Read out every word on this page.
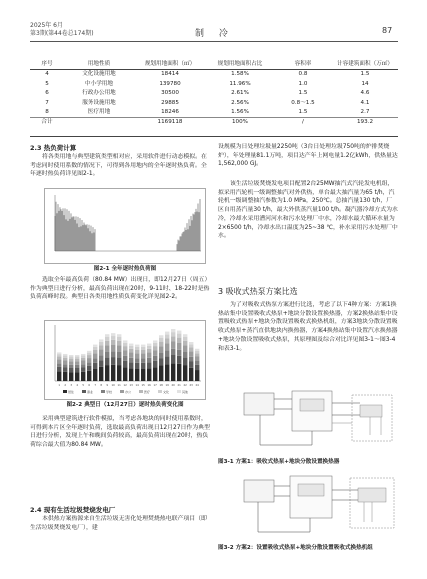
2025年 6月
第3期(第44卷总174期)	制 冷	87
序号	用地性质	规划用地面积（㎡）	规划用地面积占比	容积率	计容建筑面积（万㎡）
4	文化设施用地	18414	1.58%	0.8	1.5
5	中小学用地	139780	11.96%	1.0	14
6	行政办公用地	30500	2.61%	1.5	4.6
7	服务设施用地	29885	2.56%	0.8～1.5	4.1
8	医疗用地	18246	1.56%	1.5	2.7
合计		1169118	100%	/	193.2
2.3 热负荷计算
将各类用地与典型建筑类型相对应，采用软件进行动态模拟。在考虑同时使用系数的情况下，可得到各用地内的全年逐时热负荷。全年逐时热负荷详见图2-1。
图2-1 全年逐时热负荷图
选取全年最高负荷（80.84 MW）出现日，即12月27日（周五）作为典型日进行分析，最高负荷出现在20时，9-11时、18-22时是热负荷高峰时段。典型日各类用地性质负荷变化详见图2-2。
1 2 3 4 5 6 7 8 9 10 11 12 13 14 15 16 17 18 19 20 21 22 23 24
居住	商业	学校	办公	医疗	文化	其他
图2-2 典型日（12月27日）逐时热负荷变化图
采用典型建筑进行软件模拟，当考虑各地块的同时使用系数时，可得到本片区全年逐时负荷，选取最高负荷出现日12月27日作为典型日进行分析，发现上午和晚间负荷较高，最高负荷出现在20时，热负荷综合最大值为80.84 MW。
2.4 现有生活垃圾焚烧发电厂
本供热方案热源来自生活垃圾无害化处理焚烧热电联产项目（即生活垃圾焚烧发电厂），建
设规模为日处理垃圾量2250吨（3台日处理垃圾750吨的炉排焚烧炉），年处理量81.1万吨，项目达产年上网电量1.2亿kWh，供热量达1,562,000 GJ。
该生活垃圾焚烧发电项目配置2台25MW抽汽式汽轮发电机组，拟采用汽轮机一级调整抽汽对外供热，单台最大抽汽量为65 t/h，汽轮机一级调整抽汽参数为1.0 MPa，250℃。总抽汽量130 t/h，厂区自用蒸汽量30 t/h，最大外供蒸汽量100 t/h。凝汽器冷却方式为水冷，冷却水采用漕河河水和污水处理厂中水，冷却水最大循环水量为2×6500 t/h，冷却水出口温度为25~38 ℃，补水采用污水处理厂中水。
3 吸收式热泵方案比选
为了对吸收式热泵方案进行比选，考虑了以下4种方案：方案1换热站集中设置吸收式热泵+地块分散设置换热器，方案2换热站集中设置吸收式热泵+地块分散设置吸收式换热机组，方案3地块分散设置吸收式热泵+蒸汽直供地块内换热器，方案4换热站集中设置汽水换热器+地块分散设置吸收式热泵，其原理图及综合对比详见图3-1～图3-4和表3-1。
图3-1 方案1：吸收式热泵+地块分散设置换热器
图3-2 方案2：设置吸收式热泵+地块分散设置吸收式换热机组
